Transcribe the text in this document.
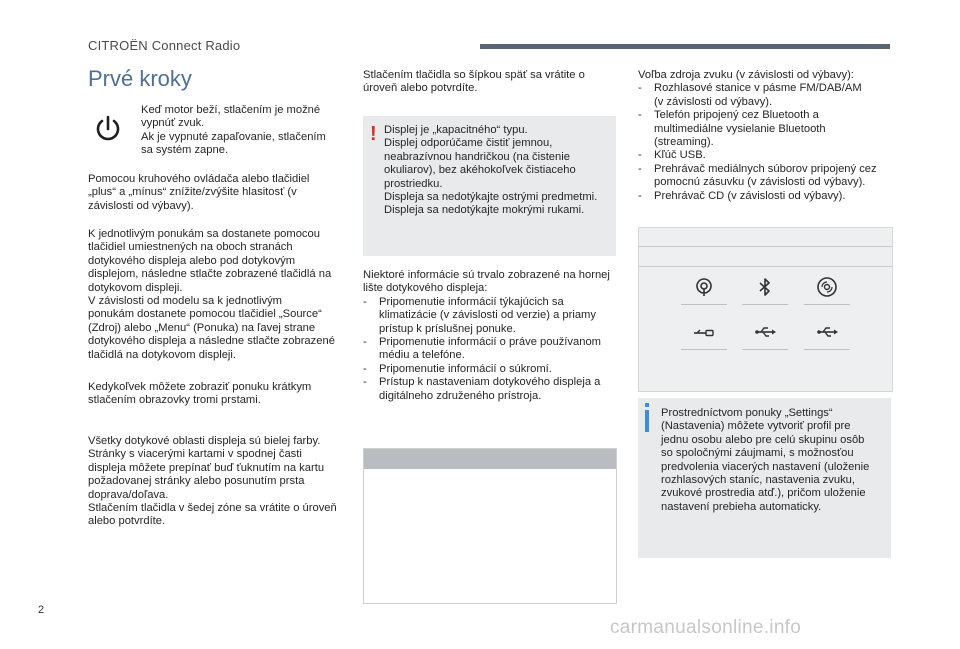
CITROËN Connect Radio
Prvé kroky

Keď motor beží, stlačením je možné

vypnúť zvuk.

Ak je vypnuté zapaľovanie, stlačením

sa systém zapne.

Pomocou kruhového ovládača alebo tlačidiel

„plus“ a „mínus“ znížite/zvýšite hlasitosť (v

závislosti od výbavy).

K jednotlivým ponukám sa dostanete pomocou

tlačidiel umiestnených na oboch stranách

dotykového displeja alebo pod dotykovým

displejom, následne stlačte zobrazené tlačidlá na

dotykovom displeji.

V závislosti od modelu sa k jednotlivým

ponukám dostanete pomocou tlačidiel „Source“

(Zdroj) alebo „Menu“ (Ponuka) na ľavej strane

dotykového displeja a následne stlačte zobrazené

tlačidlá na dotykovom displeji.

Kedykoľvek môžete zobraziť ponuku krátkym

stlačením obrazovky tromi prstami.

Všetky dotykové oblasti displeja sú bielej farby.

Stránky s viacerými kartami v spodnej časti

displeja môžete prepínať buď ťuknutím na kartu

požadovanej stránky alebo posunutím prsta

doprava/doľava.

Stlačením tlačidla v šedej zóne sa vrátite o úroveň

alebo potvrdíte.

Stlačením tlačidla so šípkou späť sa vrátite o

úroveň alebo potvrdíte.

! Displej je „kapacitného“ typu.

Displej odporúčame čistiť jemnou,

neabrazívnou handričkou (na čistenie

okuliarov), bez akéhokoľvek čistiaceho

prostriedku.

Displeja sa nedotýkajte ostrými predmetmi.

Displeja sa nedotýkajte mokrými rukami.

Niektoré informácie sú trvalo zobrazené na hornej

lište dotykového displeja:

- Pripomenutie informácií týkajúcich sa

klimatizácie (v závislosti od verzie) a priamy

prístup k príslušnej ponuke.

- Pripomenutie informácií o práve používanom

médiu a telefóne.

- Pripomenutie informácií o súkromí.

- Prístup k nastaveniam dotykového displeja a

digitálneho združeného prístroja.

Voľba zdroja zvuku (v závislosti od výbavy):

- Rozhlasové stanice v pásme FM/DAB/AM

(v závislosti od výbavy).

- Telefón pripojený cez Bluetooth a

multimediálne vysielanie Bluetooth

(streaming).

- Kľúč USB.

- Prehrávač mediálnych súborov pripojený cez

pomocnú zásuvku (v závislosti od výbavy).

- Prehrávač CD (v závislosti od výbavy).

Prostredníctvom ponuky „Settings“

(Nastavenia) môžete vytvoriť profil pre

jednu osobu alebo pre celú skupinu osôb

so spoločnými záujmami, s možnosťou

predvolenia viacerých nastavení (uloženie

rozhlasových staníc, nastavenia zvuku,

zvukové prostredia atď.), pričom uloženie

nastavení prebieha automaticky.

2
carmanualsonline.info
